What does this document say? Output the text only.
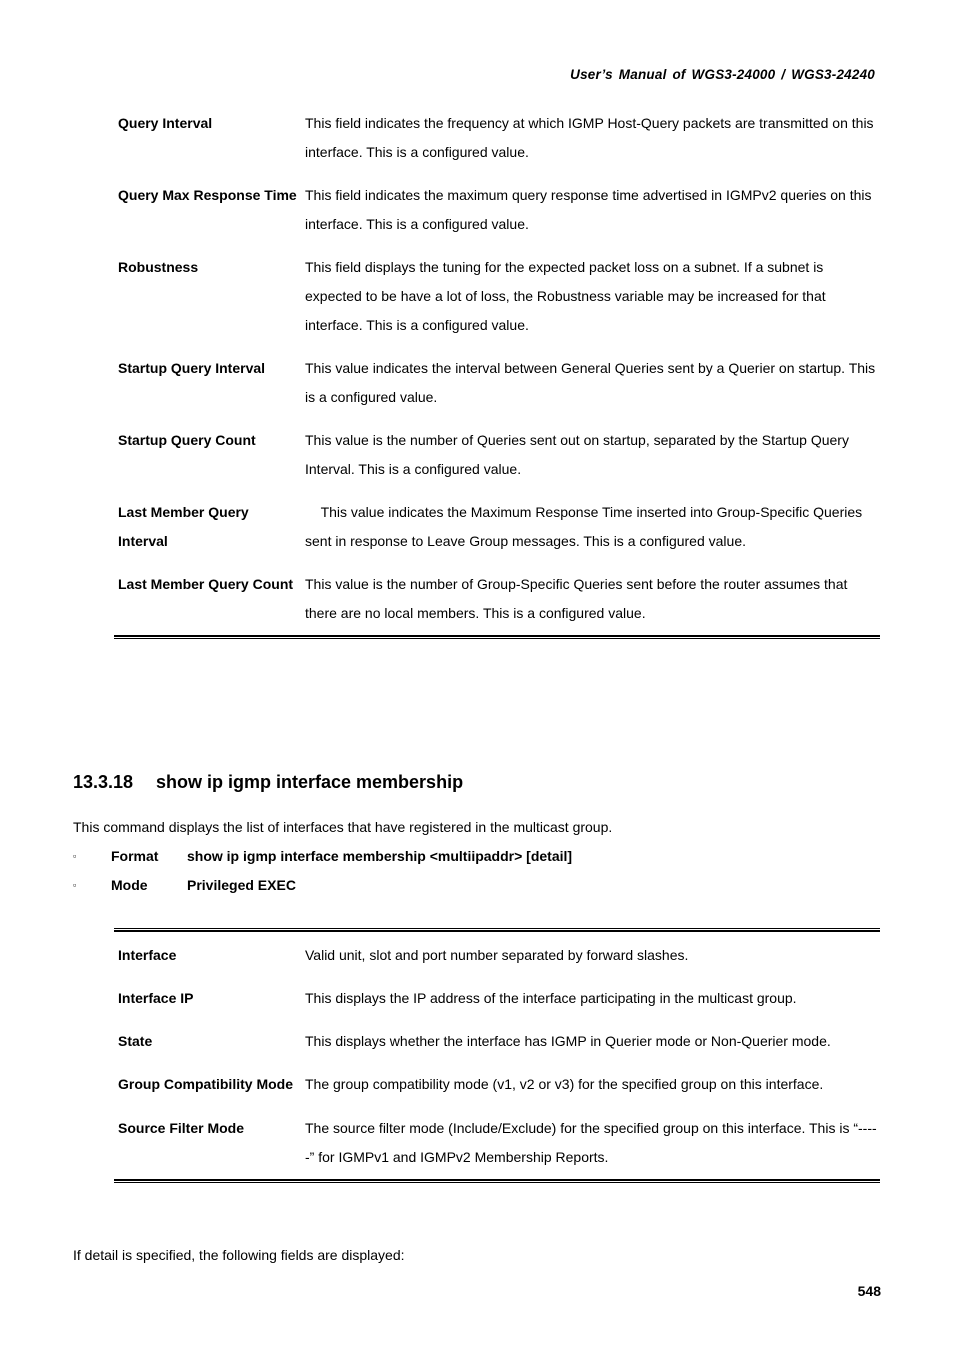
User’s Manual of WGS3-24000 / WGS3-24240
Query Interval	This field indicates the frequency at which IGMP Host-Query packets are transmitted on this interface. This is a configured value.
Query Max Response Time This field indicates the maximum query response time advertised in IGMPv2 queries on this interface. This is a configured value.
Robustness	This field displays the tuning for the expected packet loss on a subnet. If a subnet is expected to be have a lot of loss, the Robustness variable may be increased for that interface. This is a configured value.
Startup Query Interval	This value indicates the interval between General Queries sent by a Querier on startup. This is a configured value.
Startup Query Count	This value is the number of Queries sent out on startup, separated by the Startup Query Interval. This is a configured value.
Last Member Query Interval
This value indicates the Maximum Response Time inserted into Group-Specific Queries sent in response to Leave Group messages. This is a configured value.
Last Member Query Count This value is the number of Group-Specific Queries sent before the router assumes that there are no local members. This is a configured value.
13.3.18 show ip igmp interface membership
This command displays the list of interfaces that have registered in the multicast group.
▫ Format show ip igmp interface membership <multiipaddr> [detail]
▫ Mode	Privileged EXEC
Interface	Valid unit, slot and port number separated by forward slashes.
Interface IP	This displays the IP address of the interface participating in the multicast group.
State	This displays whether the interface has IGMP in Querier mode or Non-Querier mode.
Group Compatibility Mode The group compatibility mode (v1, v2 or v3) for the specified group on this interface.
Source Filter Mode	The source filter mode (Include/Exclude) for the specified group on this interface. This is “-----” for IGMPv1 and IGMPv2 Membership Reports.
If detail is specified, the following fields are displayed:
548
